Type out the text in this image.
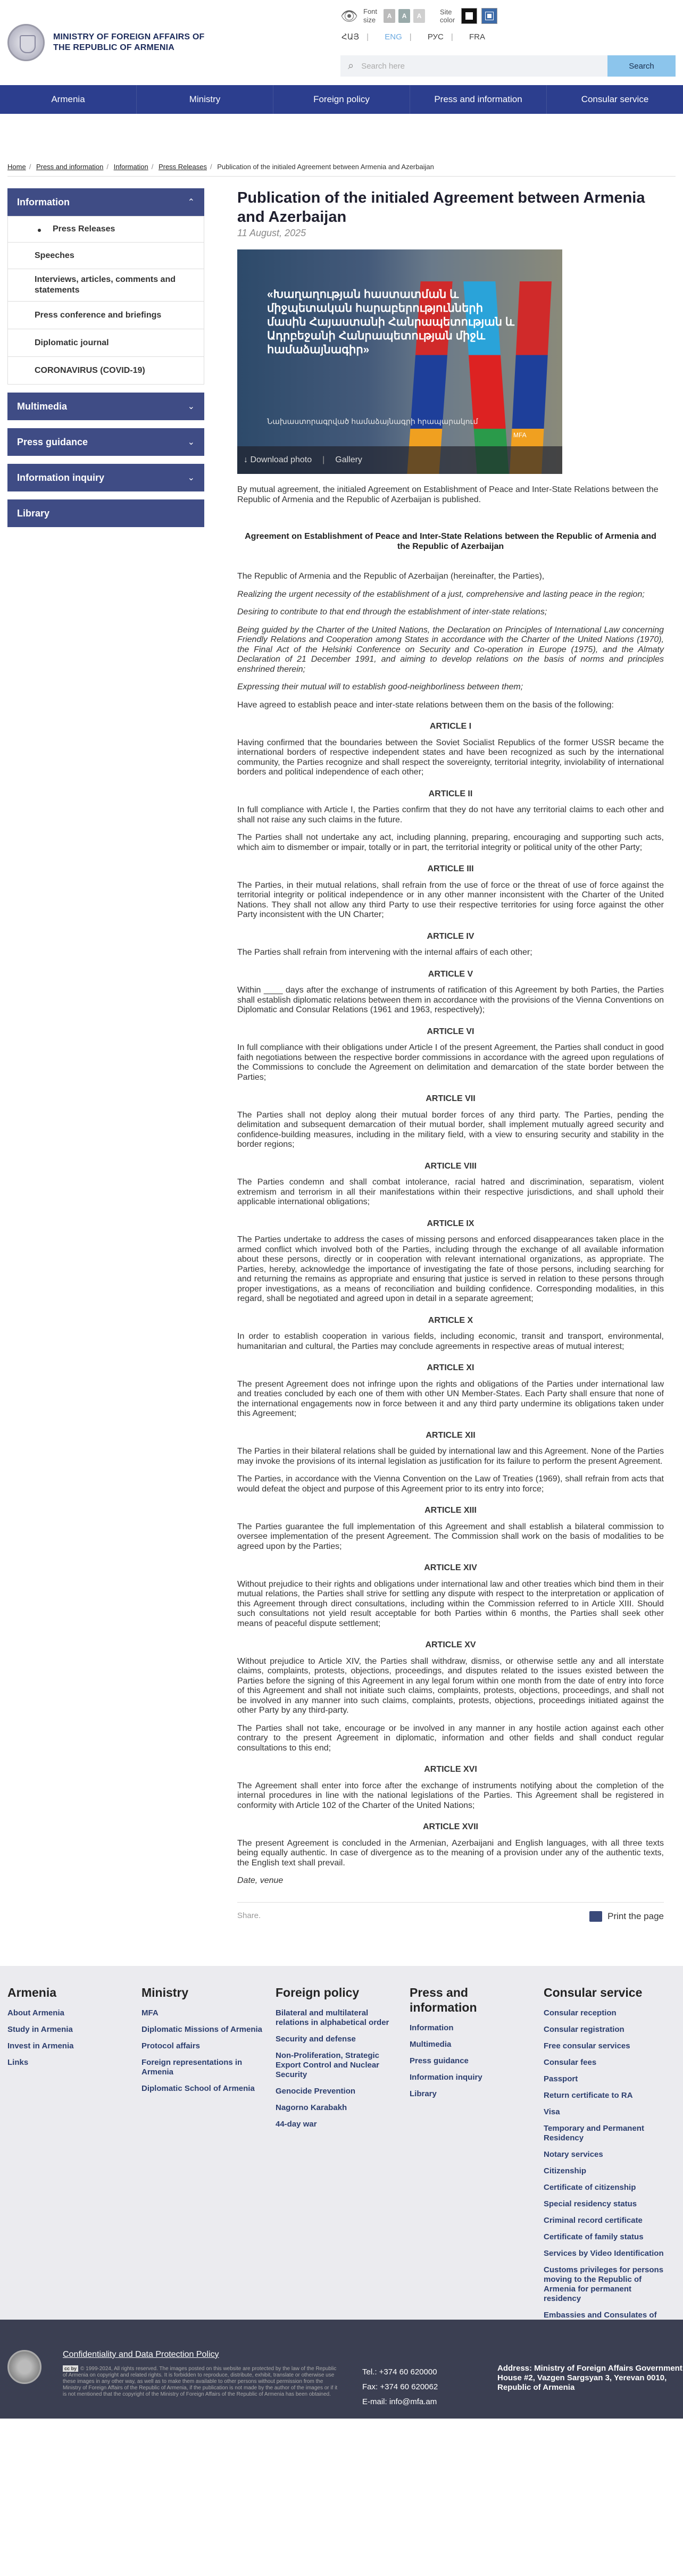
MINISTRY OF FOREIGN AFFAIRS OF
THE REPUBLIC OF ARMENIA
👁 Font
size	A	A	A	Site
color
ՀԱՅ | ENG | РУС | FRA
⌕ Search here	Search
Armenia	Ministry	Foreign policy	Press and information	Consular service
Home / Press and information / Information / Press Releases / Publication of the initialed Agreement between Armenia and Azerbaijan
Information	⌃
Press Releases
Speeches
Interviews, articles, comments and statements
Press conference and briefings
Diplomatic journal
CORONAVIRUS (COVID-19)
Multimedia	⌄
Press guidance	⌄
Information inquiry	⌄
Library
Publication of the initialed Agreement between Armenia and Azerbaijan
11 August, 2025
«Խաղաղության հաստատման և միջպետական հարաբերությունների մասին Հայաստանի Հանրապետության և Ադրբեջանի Հանրապետության միջև համաձայնագիր»
Նախաստորագրված համաձայնագրի հրապարակում
MFA
↓ Download photo | Gallery

By mutual agreement, the initialed Agreement on Establishment of Peace and Inter-State Relations between the Republic of Armenia and the Republic of Azerbaijan is published.

Agreement on Establishment of Peace and Inter-State Relations between the Republic of Armenia and the Republic of Azerbaijan

The Republic of Armenia and the Republic of Azerbaijan (hereinafter, the Parties),

Realizing the urgent necessity of the establishment of a just, comprehensive and lasting peace in the region;

Desiring to contribute to that end through the establishment of inter-state relations;

Being guided by the Charter of the United Nations, the Declaration on Principles of International Law concerning Friendly Relations and Cooperation among States in accordance with the Charter of the United Nations (1970), the Final Act of the Helsinki Conference on Security and Co-operation in Europe (1975), and the Almaty Declaration of 21 December 1991, and aiming to develop relations on the basis of norms and principles enshrined therein;

Expressing their mutual will to establish good-neighborliness between them;

Have agreed to establish peace and inter-state relations between them on the basis of the following:

ARTICLE I

Having confirmed that the boundaries between the Soviet Socialist Republics of the former USSR became the international borders of respective independent states and have been recognized as such by the international community, the Parties recognize and shall respect the sovereignty, territorial integrity, inviolability of international borders and political independence of each other;

ARTICLE II

In full compliance with Article I, the Parties confirm that they do not have any territorial claims to each other and shall not raise any such claims in the future.

The Parties shall not undertake any act, including planning, preparing, encouraging and supporting such acts, which aim to dismember or impair, totally or in part, the territorial integrity or political unity of the other Party;

ARTICLE III

The Parties, in their mutual relations, shall refrain from the use of force or the threat of use of force against the territorial integrity or political independence or in any other manner inconsistent with the Charter of the United Nations. They shall not allow any third Party to use their respective territories for using force against the other Party inconsistent with the UN Charter;

ARTICLE IV

The Parties shall refrain from intervening with the internal affairs of each other;

ARTICLE V

Within ____ days after the exchange of instruments of ratification of this Agreement by both Parties, the Parties shall establish diplomatic relations between them in accordance with the provisions of the Vienna Conventions on Diplomatic and Consular Relations (1961 and 1963, respectively);

ARTICLE VI

In full compliance with their obligations under Article I of the present Agreement, the Parties shall conduct in good faith negotiations between the respective border commissions in accordance with the agreed upon regulations of the Commissions to conclude the Agreement on delimitation and demarcation of the state border between the Parties;

ARTICLE VII

The Parties shall not deploy along their mutual border forces of any third party. The Parties, pending the delimitation and subsequent demarcation of their mutual border, shall implement mutually agreed security and confidence-building measures, including in the military field, with a view to ensuring security and stability in the border regions;

ARTICLE VIII

The Parties condemn and shall combat intolerance, racial hatred and discrimination, separatism, violent extremism and terrorism in all their manifestations within their respective jurisdictions, and shall uphold their applicable international obligations;

ARTICLE IX

The Parties undertake to address the cases of missing persons and enforced disappearances taken place in the armed conflict which involved both of the Parties, including through the exchange of all available information about these persons, directly or in cooperation with relevant international organizations, as appropriate. The Parties, hereby, acknowledge the importance of investigating the fate of those persons, including searching for and returning the remains as appropriate and ensuring that justice is served in relation to these persons through proper investigations, as a means of reconciliation and building confidence. Corresponding modalities, in this regard, shall be negotiated and agreed upon in detail in a separate agreement;

ARTICLE X

In order to establish cooperation in various fields, including economic, transit and transport, environmental, humanitarian and cultural, the Parties may conclude agreements in respective areas of mutual interest;

ARTICLE XI

The present Agreement does not infringe upon the rights and obligations of the Parties under international law and treaties concluded by each one of them with other UN Member-States. Each Party shall ensure that none of the international engagements now in force between it and any third party undermine its obligations taken under this Agreement;

ARTICLE XII

The Parties in their bilateral relations shall be guided by international law and this Agreement. None of the Parties may invoke the provisions of its internal legislation as justification for its failure to perform the present Agreement.

The Parties, in accordance with the Vienna Convention on the Law of Treaties (1969), shall refrain from acts that would defeat the object and purpose of this Agreement prior to its entry into force;

ARTICLE XIII

The Parties guarantee the full implementation of this Agreement and shall establish a bilateral commission to oversee implementation of the present Agreement. The Commission shall work on the basis of modalities to be agreed upon by the Parties;

ARTICLE XIV

Without prejudice to their rights and obligations under international law and other treaties which bind them in their mutual relations, the Parties shall strive for settling any dispute with respect to the interpretation or application of this Agreement through direct consultations, including within the Commission referred to in Article XIII. Should such consultations not yield result acceptable for both Parties within 6 months, the Parties shall seek other means of peaceful dispute settlement;

ARTICLE XV

Without prejudice to Article XIV, the Parties shall withdraw, dismiss, or otherwise settle any and all interstate claims, complaints, protests, objections, proceedings, and disputes related to the issues existed between the Parties before the signing of this Agreement in any legal forum within one month from the date of entry into force of this Agreement and shall not initiate such claims, complaints, protests, objections, proceedings, and shall not be involved in any manner into such claims, complaints, protests, objections, proceedings initiated against the other Party by any third-party.

The Parties shall not take, encourage or be involved in any manner in any hostile action against each other contrary to the present Agreement in diplomatic, information and other fields and shall conduct regular consultations to this end;

ARTICLE XVI

The Agreement shall enter into force after the exchange of instruments notifying about the completion of the internal procedures in line with the national legislations of the Parties. This Agreement shall be registered in conformity with Article 102 of the Charter of the United Nations;

ARTICLE XVII

The present Agreement is concluded in the Armenian, Azerbaijani and English languages, with all three texts being equally authentic. In case of divergence as to the meaning of a provision under any of the authentic texts, the English text shall prevail.

Date, venue

Share.	Print the page
Armenia
About Armenia
Study in Armenia
Invest in Armenia
Links
Ministry
MFA
Diplomatic Missions of Armenia
Protocol affairs
Foreign representations in Armenia
Diplomatic School of Armenia
Foreign policy
Bilateral and multilateral relations in alphabetical order
Security and defense
Non-Proliferation, Strategic Export Control and Nuclear Security
Genocide Prevention
Nagorno Karabakh
44-day war
Press and information
Information
Multimedia
Press guidance
Information inquiry
Library
Consular service
Consular reception
Consular registration
Free consular services
Consular fees
Passport
Return certificate to RA
Visa
Temporary and Permanent Residency
Notary services
Citizenship
Certificate of citizenship
Special residency status
Criminal record certificate
Certificate of family status
Services by Video Identification
Customs privileges for persons moving to the Republic of Armenia for permanent residency
Embassies and Consulates of
Confidentiality and Data Protection Policy
cc by © 1999-2024, All rights reserved. The images posted on this website are protected by the law of the Republic of Armenia on copyright and related rights. It is forbidden to reproduce, distribute, exhibit, translate or otherwise use these images in any other way, as well as to make them available to other persons without permission from the Ministry of Foreign Affairs of the Republic of Armenia, if the publication is not made by the author of the images or if it is not mentioned that the copyright of the Ministry of Foreign Affairs of the Republic of Armenia has been obtained.
Tel.: +374 60 620000
Fax: +374 60 620062
E-mail: info@mfa.am
Address: Ministry of Foreign Affairs Government House #2, Vazgen Sargsyan 3, Yerevan 0010, Republic of Armenia
f	t	▶ ◎	♪	in ✈
